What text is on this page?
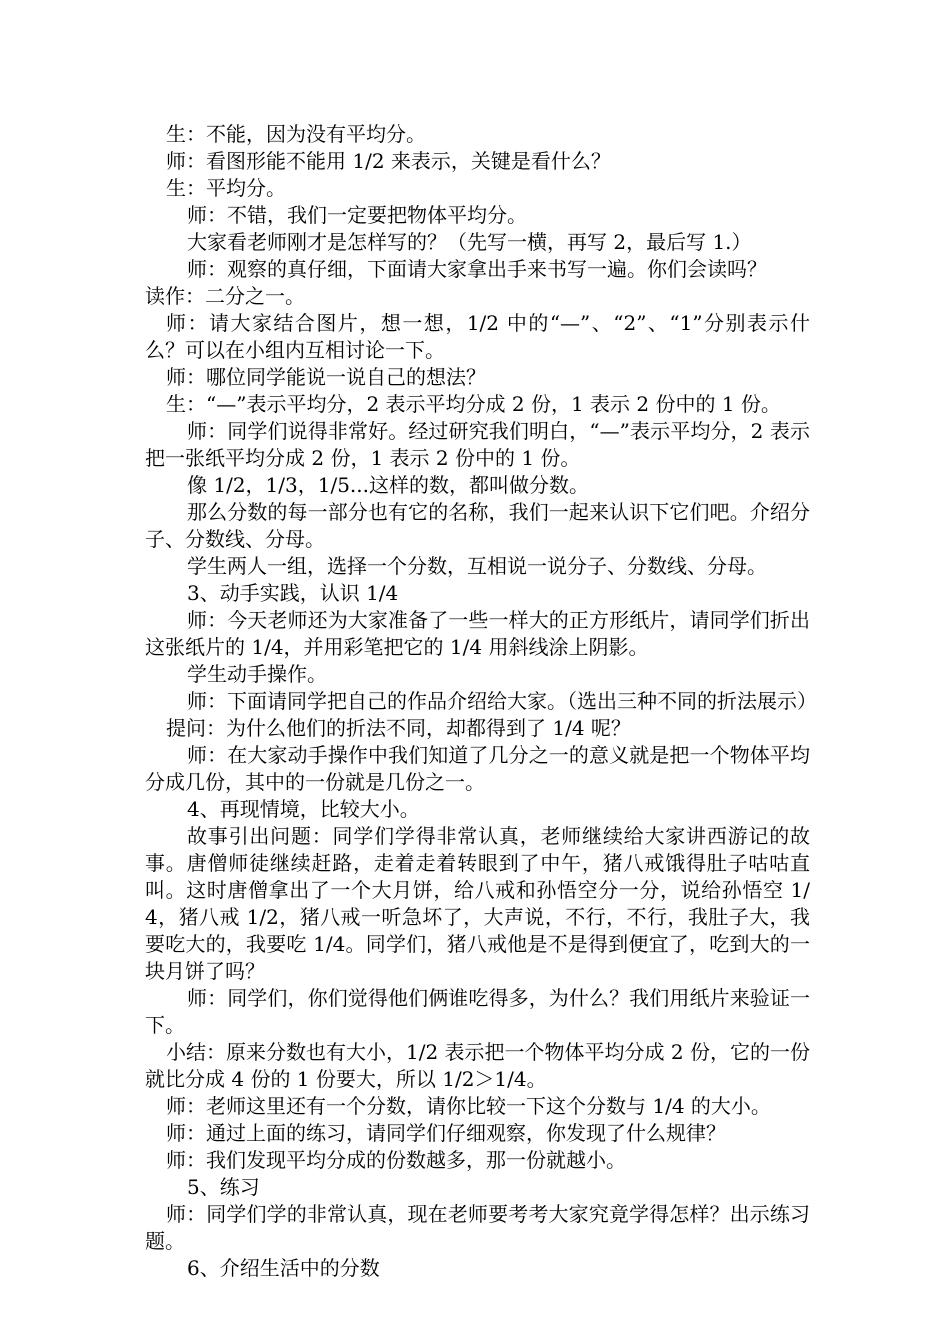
生：不能，因为没有平均分。

师：看图形能不能用 1/2 来表示，关键是看什么？

生：平均分。

师：不错，我们一定要把物体平均分。

大家看老师刚才是怎样写的？（先写一横，再写 2，最后写 1.）

师：观察的真仔细，下面请大家拿出手来书写一遍。你们会读吗？

读作：二分之一。

师：请大家结合图片，想一想，1/2 中的“—”、“2”、“1”分别表示什么？可以在小组内互相讨论一下。

师：哪位同学能说一说自己的想法？

生：“—”表示平均分，2 表示平均分成 2 份，1 表示 2 份中的 1 份。

师：同学们说得非常好。经过研究我们明白，“—”表示平均分，2 表示把一张纸平均分成 2 份，1 表示 2 份中的 1 份。

像 1/2，1/3，1/5...这样的数，都叫做分数。

那么分数的每一部分也有它的名称，我们一起来认识下它们吧。介绍分子、分数线、分母。

学生两人一组，选择一个分数，互相说一说分子、分数线、分母。

3、动手实践，认识 1/4

师：今天老师还为大家准备了一些一样大的正方形纸片，请同学们折出这张纸片的 1/4，并用彩笔把它的 1/4 用斜线涂上阴影。

学生动手操作。

师：下面请同学把自己的作品介绍给大家。（选出三种不同的折法展示）

提问：为什么他们的折法不同，却都得到了 1/4 呢？

师：在大家动手操作中我们知道了几分之一的意义就是把一个物体平均分成几份，其中的一份就是几份之一。

4、再现情境，比较大小。

故事引出问题：同学们学得非常认真，老师继续给大家讲西游记的故事。唐僧师徒继续赶路，走着走着转眼到了中午，猪八戒饿得肚子咕咕直叫。这时唐僧拿出了一个大月饼，给八戒和孙悟空分一分，说给孙悟空 1/4，猪八戒 1/2，猪八戒一听急坏了，大声说，不行，不行，我肚子大，我要吃大的，我要吃 1/4。同学们，猪八戒他是不是得到便宜了，吃到大的一块月饼了吗？

师：同学们，你们觉得他们俩谁吃得多，为什么？我们用纸片来验证一下。

小结：原来分数也有大小，1/2 表示把一个物体平均分成 2 份，它的一份就比分成 4 份的 1 份要大，所以 1/2＞1/4。

师：老师这里还有一个分数，请你比较一下这个分数与 1/4 的大小。

师：通过上面的练习，请同学们仔细观察，你发现了什么规律？

师：我们发现平均分成的份数越多，那一份就越小。

5、练习

师：同学们学的非常认真，现在老师要考考大家究竟学得怎样？出示练习题。

6、介绍生活中的分数
